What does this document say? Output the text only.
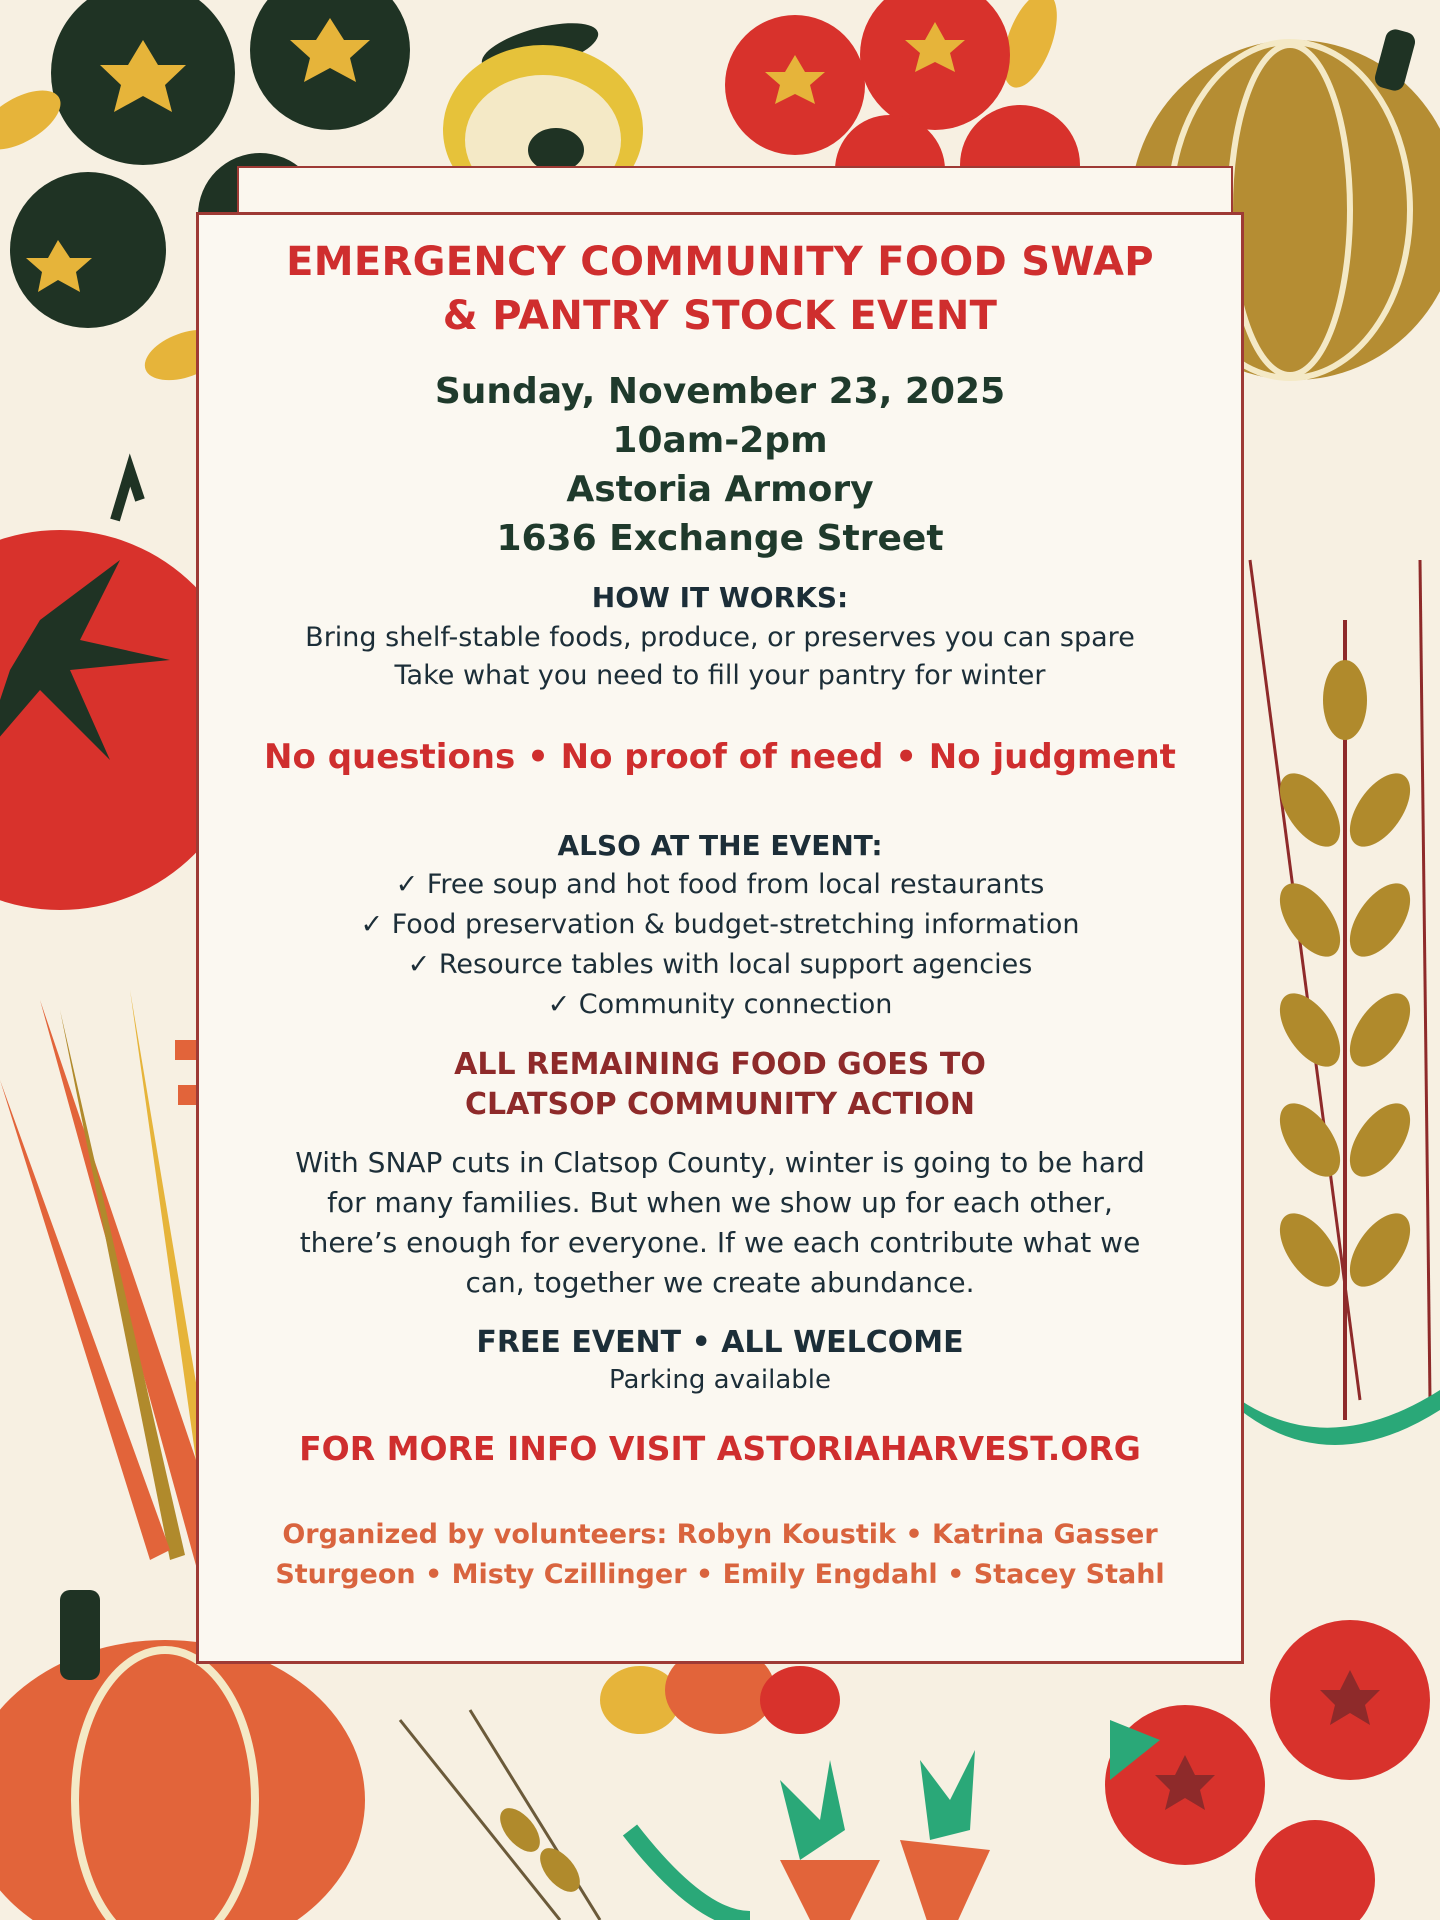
EMERGENCY COMMUNITY FOOD SWAP
& PANTRY STOCK EVENT
Sunday, November 23, 2025
10am-2pm
Astoria Armory
1636 Exchange Street
HOW IT WORKS:
Bring shelf-stable foods, produce, or preserves you can spare
Take what you need to fill your pantry for winter
No questions • No proof of need • No judgment
ALSO AT THE EVENT:
✓ Free soup and hot food from local restaurants
✓ Food preservation & budget-stretching information
✓ Resource tables with local support agencies
✓ Community connection
ALL REMAINING FOOD GOES TO
CLATSOP COMMUNITY ACTION
With SNAP cuts in Clatsop County, winter is going to be hard
for many families. But when we show up for each other,
there’s enough for everyone. If we each contribute what we
can, together we create abundance.
FREE EVENT • ALL WELCOME
Parking available
FOR MORE INFO VISIT ASTORIAHARVEST.ORG
Organized by volunteers: Robyn Koustik • Katrina Gasser
Sturgeon • Misty Czillinger • Emily Engdahl • Stacey Stahl
